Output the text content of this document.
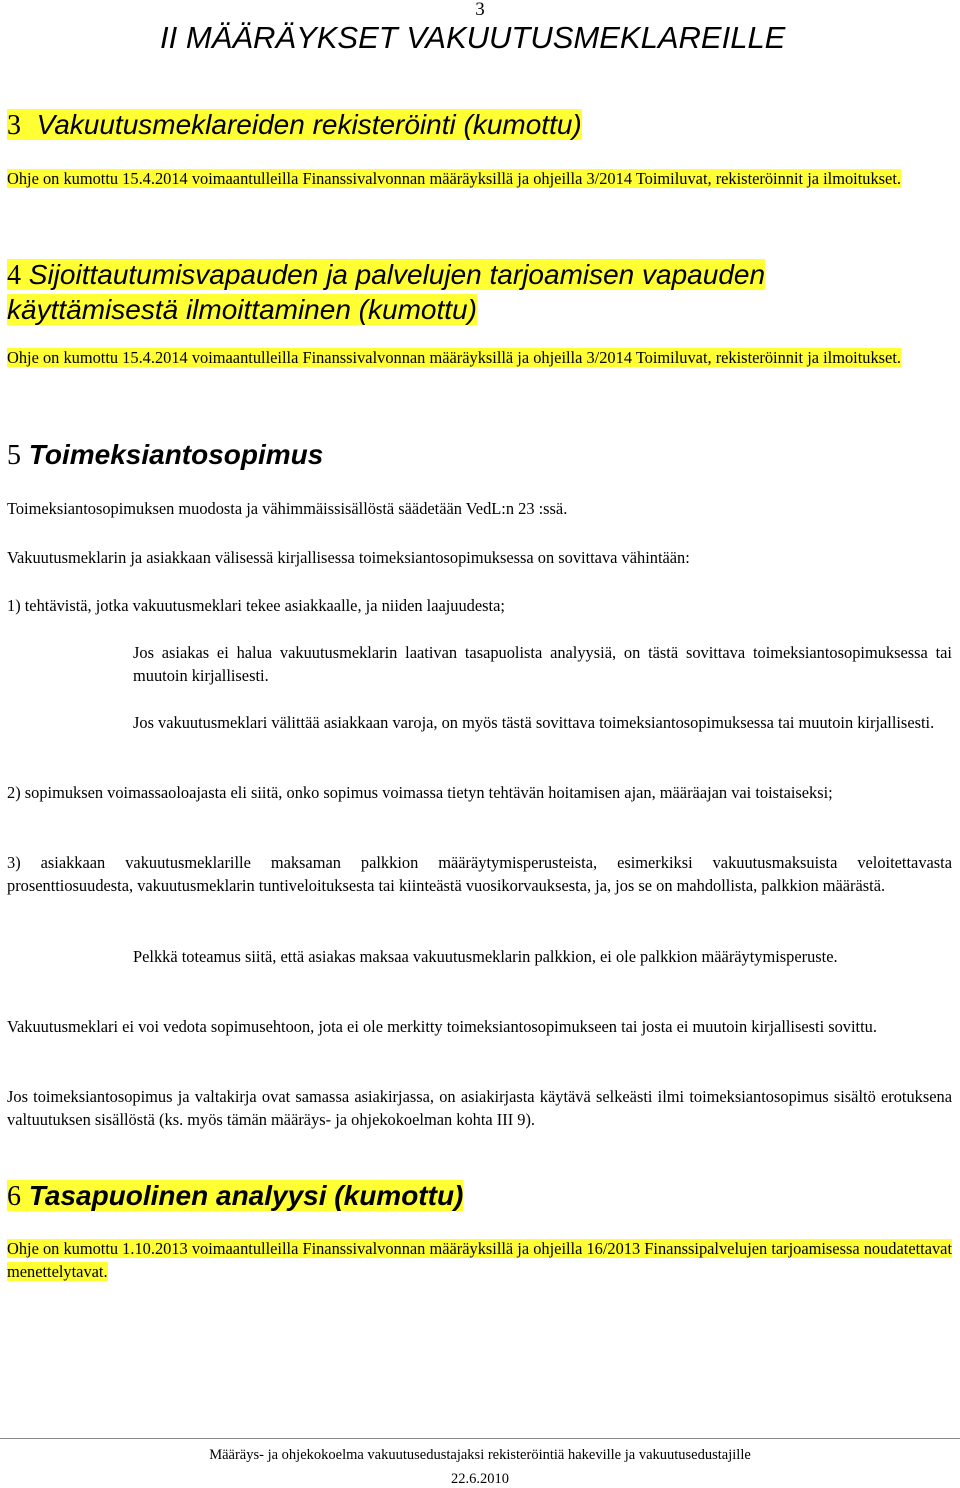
3
II MÄÄRÄYKSET VAKUUTUSMEKLAREILLE
3 Vakuutusmeklareiden rekisteröinti (kumottu)
Ohje on kumottu 15.4.2014 voimaantulleilla Finanssivalvonnan määräyksillä ja ohjeilla 3/2014 Toimiluvat, rekisteröinnit ja ilmoitukset.
4 Sijoittautumisvapauden ja palvelujen tarjoamisen vapauden
käyttämisestä ilmoittaminen (kumottu)
Ohje on kumottu 15.4.2014 voimaantulleilla Finanssivalvonnan määräyksillä ja ohjeilla 3/2014 Toimiluvat, rekisteröinnit ja ilmoitukset.
5 Toimeksiantosopimus
Toimeksiantosopimuksen muodosta ja vähimmäissisällöstä säädetään VedL:n 23 :ssä.
Vakuutusmeklarin ja asiakkaan välisessä kirjallisessa toimeksiantosopimuksessa on sovittava vähintään:
1) tehtävistä, jotka vakuutusmeklari tekee asiakkaalle, ja niiden laajuudesta;
Jos asiakas ei halua vakuutusmeklarin laativan tasapuolista analyysiä, on tästä sovittava toimeksiantosopimuksessa tai muutoin kirjallisesti.
Jos vakuutusmeklari välittää asiakkaan varoja, on myös tästä sovittava toimeksiantosopimuksessa tai muutoin kirjallisesti.
2) sopimuksen voimassaoloajasta eli siitä, onko sopimus voimassa tietyn tehtävän hoitamisen ajan, määräajan vai toistaiseksi;
3) asiakkaan vakuutusmeklarille maksaman palkkion määräytymisperusteista, esimerkiksi vakuutusmaksuista veloitettavasta prosenttiosuudesta, vakuutusmeklarin tuntiveloituksesta tai kiinteästä vuosikorvauksesta, ja, jos se on mahdollista, palkkion määrästä.
Pelkkä toteamus siitä, että asiakas maksaa vakuutusmeklarin palkkion, ei ole palkkion määräytymisperuste.
Vakuutusmeklari ei voi vedota sopimusehtoon, jota ei ole merkitty toimeksiantosopimukseen tai josta ei muutoin kirjallisesti sovittu.
Jos toimeksiantosopimus ja valtakirja ovat samassa asiakirjassa, on asiakirjasta käytävä selkeästi ilmi toimeksiantosopimus sisältö erotuksena valtuutuksen sisällöstä (ks. myös tämän määräys- ja ohjekokoelman kohta III 9).
6 Tasapuolinen analyysi (kumottu)
Ohje on kumottu 1.10.2013 voimaantulleilla Finanssivalvonnan määräyksillä ja ohjeilla 16/2013 Finanssipalvelujen tarjoamisessa noudatettavat menettelytavat.
Määräys- ja ohjekokoelma vakuutusedustajaksi rekisteröintiä hakeville ja vakuutusedustajille
22.6.2010
